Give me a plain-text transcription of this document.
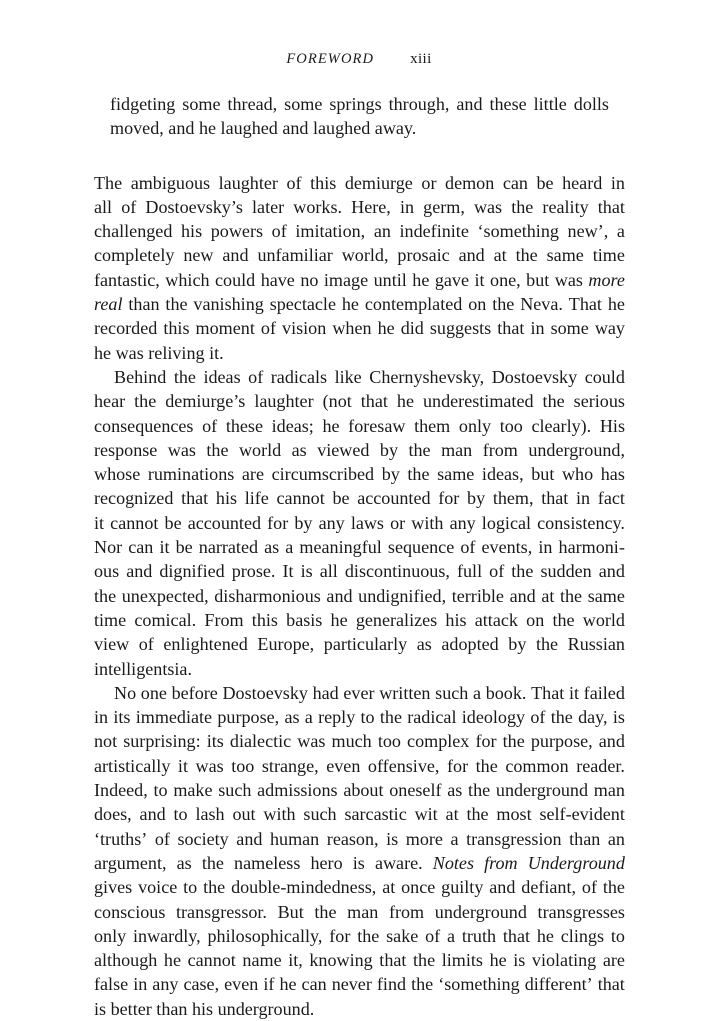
FOREWORD xiii
fidgeting some thread, some springs through, and these little dolls
moved, and he laughed and laughed away.

The ambiguous laughter of this demiurge or demon can be heard in
all of Dostoevsky’s later works. Here, in germ, was the reality that
challenged his powers of imitation, an indefinite ‘something new’, a
completely new and unfamiliar world, prosaic and at the same time
fantastic, which could have no image until he gave it one, but was more
real than the vanishing spectacle he contemplated on the Neva. That he
recorded this moment of vision when he did suggests that in some way
he was reliving it.

Behind the ideas of radicals like Chernyshevsky, Dostoevsky could
hear the demiurge’s laughter (not that he underestimated the serious
consequences of these ideas; he foresaw them only too clearly). His
response was the world as viewed by the man from underground,
whose ruminations are circumscribed by the same ideas, but who has
recognized that his life cannot be accounted for by them, that in fact
it cannot be accounted for by any laws or with any logical consistency.
Nor can it be narrated as a meaningful sequence of events, in harmoni-
ous and dignified prose. It is all discontinuous, full of the sudden and
the unexpected, disharmonious and undignified, terrible and at the same
time comical. From this basis he generalizes his attack on the world
view of enlightened Europe, particularly as adopted by the Russian
intelligentsia.

No one before Dostoevsky had ever written such a book. That it failed
in its immediate purpose, as a reply to the radical ideology of the day, is
not surprising: its dialectic was much too complex for the purpose, and
artistically it was too strange, even offensive, for the common reader.
Indeed, to make such admissions about oneself as the underground man
does, and to lash out with such sarcastic wit at the most self-evident
‘truths’ of society and human reason, is more a transgression than an
argument, as the nameless hero is aware. Notes from Underground
gives voice to the double-mindedness, at once guilty and defiant, of the
conscious transgressor. But the man from underground transgresses
only inwardly, philosophically, for the sake of a truth that he clings to
although he cannot name it, knowing that the limits he is violating are
false in any case, even if he can never find the ‘something different’ that
is better than his underground.
